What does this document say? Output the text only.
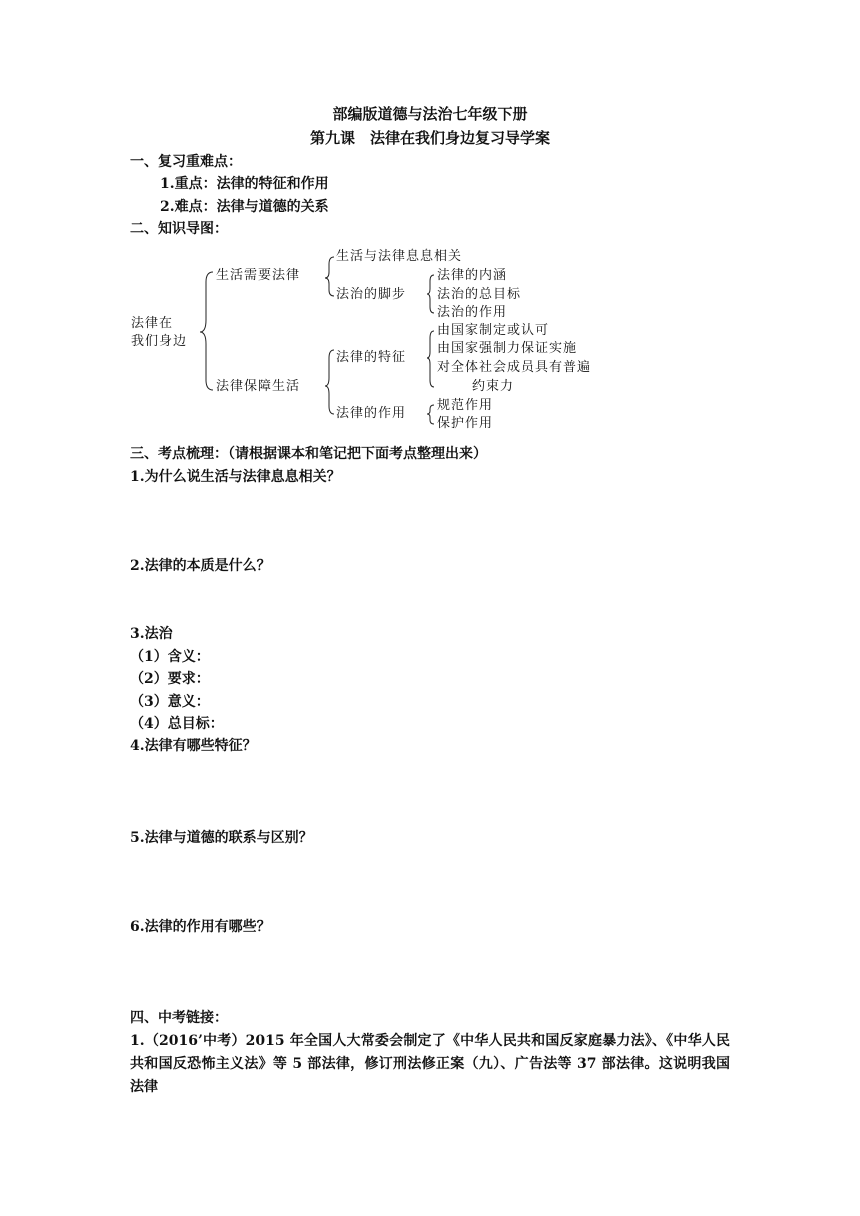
部编版道德与法治七年级下册
第九课　法律在我们身边复习导学案
一、复习重难点：
1.重点：法律的特征和作用
2.难点：法律与道德的关系
二、知识导图：
法律在
我们身边
生活需要法律
生活与法律息息相关
法治的脚步
法律的内涵
法治的总目标
法治的作用
法律保障生活
法律的特征
法律的作用
由国家制定或认可
由国家强制力保证实施
对全体社会成员具有普遍
约束力
规范作用
保护作用
三、考点梳理：（请根据课本和笔记把下面考点整理出来）
1.为什么说生活与法律息息相关？
2.法律的本质是什么？
3.法治
（1）含义：
（2）要求：
（3）意义：
（4）总目标：
4.法律有哪些特征？
5.法律与道德的联系与区别？
6.法律的作用有哪些？
四、中考链接：
1.（2016’中考）2015 年全国人大常委会制定了《中华人民共和国反家庭暴力法》、《中华人民共和国反恐怖主义法》等 5 部法律，修订刑法修正案（九）、广告法等 37 部法律。这说明我国法律
